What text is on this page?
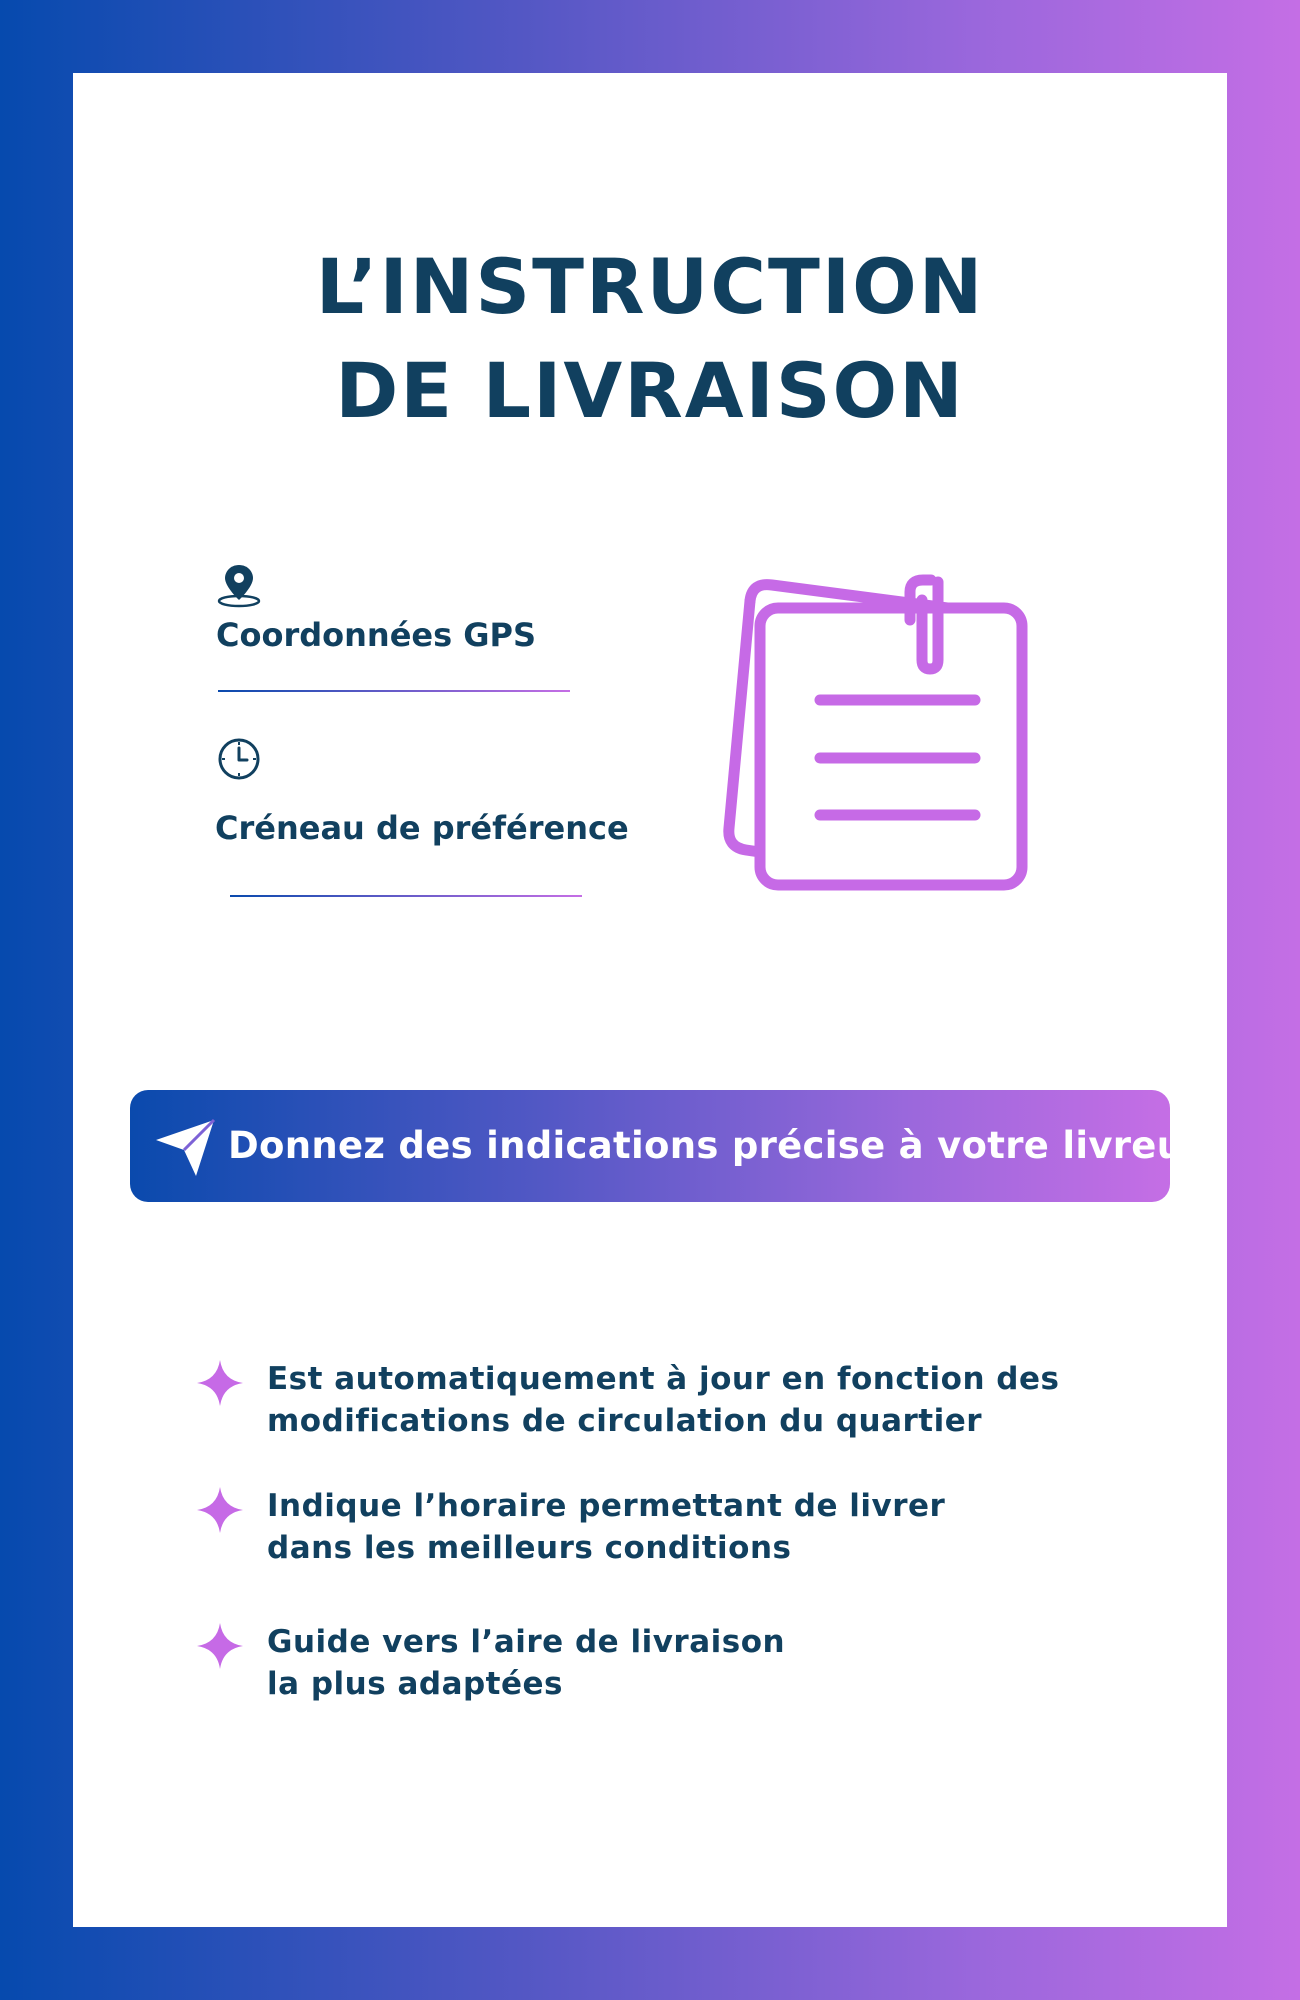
L’INSTRUCTION
DE LIVRAISON
Coordonnées GPS
Créneau de préférence
Donnez des indications précise à votre livreur

Est automatiquement à jour en fonction des
modifications de circulation du quartier

Indique l’horaire permettant de livrer
dans les meilleurs conditions

Guide vers l’aire de livraison
la plus adaptées
